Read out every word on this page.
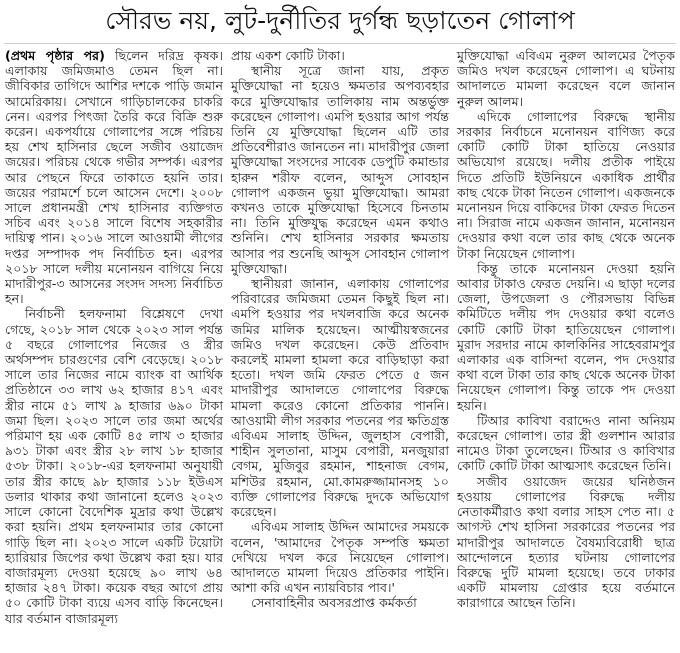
সৌরভ নয়, লুট-দুর্নীতির দুর্গন্ধ ছড়াতেন গোলাপ

(প্রথম পৃষ্ঠার পর) ছিলেন দরিদ্র কৃষক। এলাকায় জমিজমাও তেমন ছিল না। জীবিকার তাগিদে আশির দশকে পাড়ি জমান আমেরিকায়। সেখানে গাড়িচালকের চাকরি নেন। এরপর পিৎজা তৈরি করে বিক্রি শুরু করেন। একপর্যায়ে গোলাপের সঙ্গে পরিচয় হয় শেখ হাসিনার ছেলে সজীব ওয়াজেদ জয়ের। পরিচয় থেকে গভীর সম্পর্ক। এরপর আর পেছনে ফিরে তাকাতে হয়নি তার। জয়ের পরামর্শে চলে আসেন দেশে। ২০০৮ সালে প্রধানমন্ত্রী শেখ হাসিনার ব্যক্তিগত সচিব এবং ২০১৪ সালে বিশেষ সহকারীর দায়িত্ব পান। ২০১৬ সালে আওয়ামী লীগের দপ্তর সম্পাদক পদ নির্বাচিত হন। এরপর ২০১৮ সালে দলীয় মনোনয়ন বাগিয়ে নিয়ে মাদারীপুর-৩ আসনের সংসদ সদস্য নির্বাচিত হন।

নির্বাচনী হলফনামা বিশ্লেষণে দেখা গেছে, ২০১৮ সাল থেকে ২০২৩ সাল পর্যন্ত ৫ বছরে গোলাপের নিজের ও স্ত্রীর অর্থসম্পদ চারগুণের বেশি বেড়েছে। ২০১৮ সালে তার নিজের নামে ব্যাংক বা আর্থিক প্রতিষ্ঠানে ৩৩ লাখ ৬২ হাজার ৪১৭ এবং স্ত্রীর নামে ৫১ লাখ ৯ হাজার ৬৯০ টাকা জমা ছিল। ২০২৩ সালে তার জমা অর্থের পরিমাণ হয় এক কোটি ৪৫ লাখ ৩ হাজার ৯৩১ টাকা এবং স্ত্রীর ২৮ লাখ ১৮ হাজার ৫৩৮ টাকা। ২০১৮-এর হলফনামা অনুযায়ী তার স্ত্রীর কাছে ৯৮ হাজার ১১৮ ইউএস ডলার থাকার কথা জানানো হলেও ২০২৩ সালে কোনো বৈদেশিক মুদ্রার কথা উল্লেখ করা হয়নি। প্রথম হলফনামার তার কোনো গাড়ি ছিল না। ২০২৩ সালে একটি টয়োটা হ্যারিয়ার জিপের কথা উল্লেখ করা হয়। যার বাজারমূল্য দেওয়া হয়েছে ৯০ লাখ ৬৪ হাজার ২৪৭ টাকা। কয়েক বছর আগে প্রায় ৫০ কোটি টাকা ব্যয়ে এসব বাড়ি কিনেছেন। যার বর্তমান বাজারমূল্য

প্রায় একশ কোটি টাকা।

স্থানীয় সূত্রে জানা যায়, প্রকৃত মুক্তিযোদ্ধা না হয়েও ক্ষমতার অপব্যবহার করে মুক্তিযোদ্ধার তালিকায় নাম অন্তর্ভুক্ত করেছেন গোলাপ। এমপি হওয়ার আগ পর্যন্ত তিনি যে মুক্তিযোদ্ধা ছিলেন এটি তার প্রতিবেশীরাও জানতেন না। মাদারীপুর জেলা মুক্তিযোদ্ধা সংসদের সাবেক ডেপুটি কমান্ডার হারুন শরীফ বলেন, আব্দুস সোবহান গোলাপ একজন ভুয়া মুক্তিযোদ্ধা। আমরা কখনও তাকে মুক্তিযোদ্ধা হিসেবে চিনতাম না। তিনি মুক্তিযুদ্ধ করেছেন এমন কথাও শুনিনি। শেখ হাসিনার সরকার ক্ষমতায় আসার পর শুনেছি আব্দুস সোবহান গোলাপ মুক্তিযোদ্ধা।

স্থানীয়রা জানান, এলাকায় গোলাপের পরিবারের জমিজমা তেমন কিছুই ছিল না। এমপি হওয়ার পর দখলবাজি করে অনেক জমির মালিক হয়েছেন। আত্মীয়স্বজনের জমিও দখল করেছেন। কেউ প্রতিবাদ করলেই মামলা হামলা করে বাড়িছাড়া করা হতো। দখল জমি ফেরত পেতে ৫ জন মাদারীপুর আদালতে গোলাপের বিরুদ্ধে মামলা করেও কোনো প্রতিকার পাননি। আওয়ামী লীগ সরকার পতনের পর ক্ষতিগ্রস্ত এবিএম সালাহ উদ্দিন, জুলহাস বেপারী, শাহীন সুলতানা, মাসুম বেপারী, মনজুয়ারা বেগম, মুজিবুর রহমান, শাহনাজ বেগম, মশিউর রহমান, মো.কামরুজ্জামানসহ ১০ ব্যক্তি গোলাপের বিরুদ্ধে দুদকে অভিযোগ করেছেন।

এবিএম সালাহ উদ্দিন আমাদের সময়কে বলেন, 'আমাদের পৈতৃক সম্পত্তি ক্ষমতা দেখিয়ে দখল করে নিয়েছেন গোলাপ। আদালতে মামলা দিয়েও প্রতিকার পাইনি। আশা করি এখন ন্যায়বিচার পাব।'

সেনাবাহিনীর অবসরপ্রাপ্ত কর্মকর্তা

মুক্তিযোদ্ধা এবিএম নুরুল আলমের পৈতৃক জমিও দখল করেছেন গোলাপ। এ ঘটনায় আদালতে মামলা করেছেন বলে জানান নুরুল আলম।

এদিকে গোলাপের বিরুদ্ধে স্থানীয় সরকার নির্বাচনে মনোনয়ন বাণিজ্য করে কোটি কোটি টাকা হাতিয়ে নেওয়ার অভিযোগ রয়েছে। দলীয় প্রতীক পাইয়ে দিতে প্রতিটি ইউনিয়নে একাধিক প্রার্থীর কাছ থেকে টাকা নিতেন গোলাপ। একজনকে মনোনয়ন দিয়ে বাকিদের টাকা ফেরত দিতেন না। সিরাজ নামে একজন জানান, মনোনয়ন দেওয়ার কথা বলে তার কাছ থেকে অনেক টাকা নিয়েছেন গোলাপ।

কিন্তু তাকে মনোনয়ন দেওয়া হয়নি আবার টাকাও ফেরত দেয়নি। এ ছাড়া দলের জেলা, উপজেলা ও পৌরসভায় বিভিন্ন কমিটিতে দলীয় পদ দেওয়ার কথা বলেও কোটি কোটি টাকা হাতিয়েছেন গোলাপ। মুরাদ সরদার নামে কালকিনির সাহেবরামপুর এলাকার এক বাসিন্দা বলেন, পদ দেওয়ার কথা বলে টাকা তার কাছ থেকে অনেক টাকা নিয়েছেন গোলাপ। কিন্তু তাকে পদ দেওয়া হয়নি।

টিআর কাবিখা বরাদ্দেও নানা অনিয়ম করেছেন গোলাপ। তার স্ত্রী গুলশান আরার নামেও টাকা তুলেছেন। টিআর ও কাবিখার কোটি কোটি টাকা আত্মসাৎ করেছেন তিনি।

সজীব ওয়াজেদ জয়ের ঘনিষ্ঠজন হওয়ায় গোলাপের বিরুদ্ধে দলীয় নেতাকর্মীরাও কথা বলার সাহস পেত না। ৫ আগস্ট শেখ হাসিনা সরকারের পতনের পর মাদারীপুর আদালতে বৈষম্যবিরোধী ছাত্র আন্দোলনে হত্যার ঘটনায় গোলাপের বিরুদ্ধে দুটি মামলা হয়েছে। তবে ঢাকার একটি মামলায় গ্রেপ্তার হয়ে বর্তমানে কারাগারে আছেন তিনি।
